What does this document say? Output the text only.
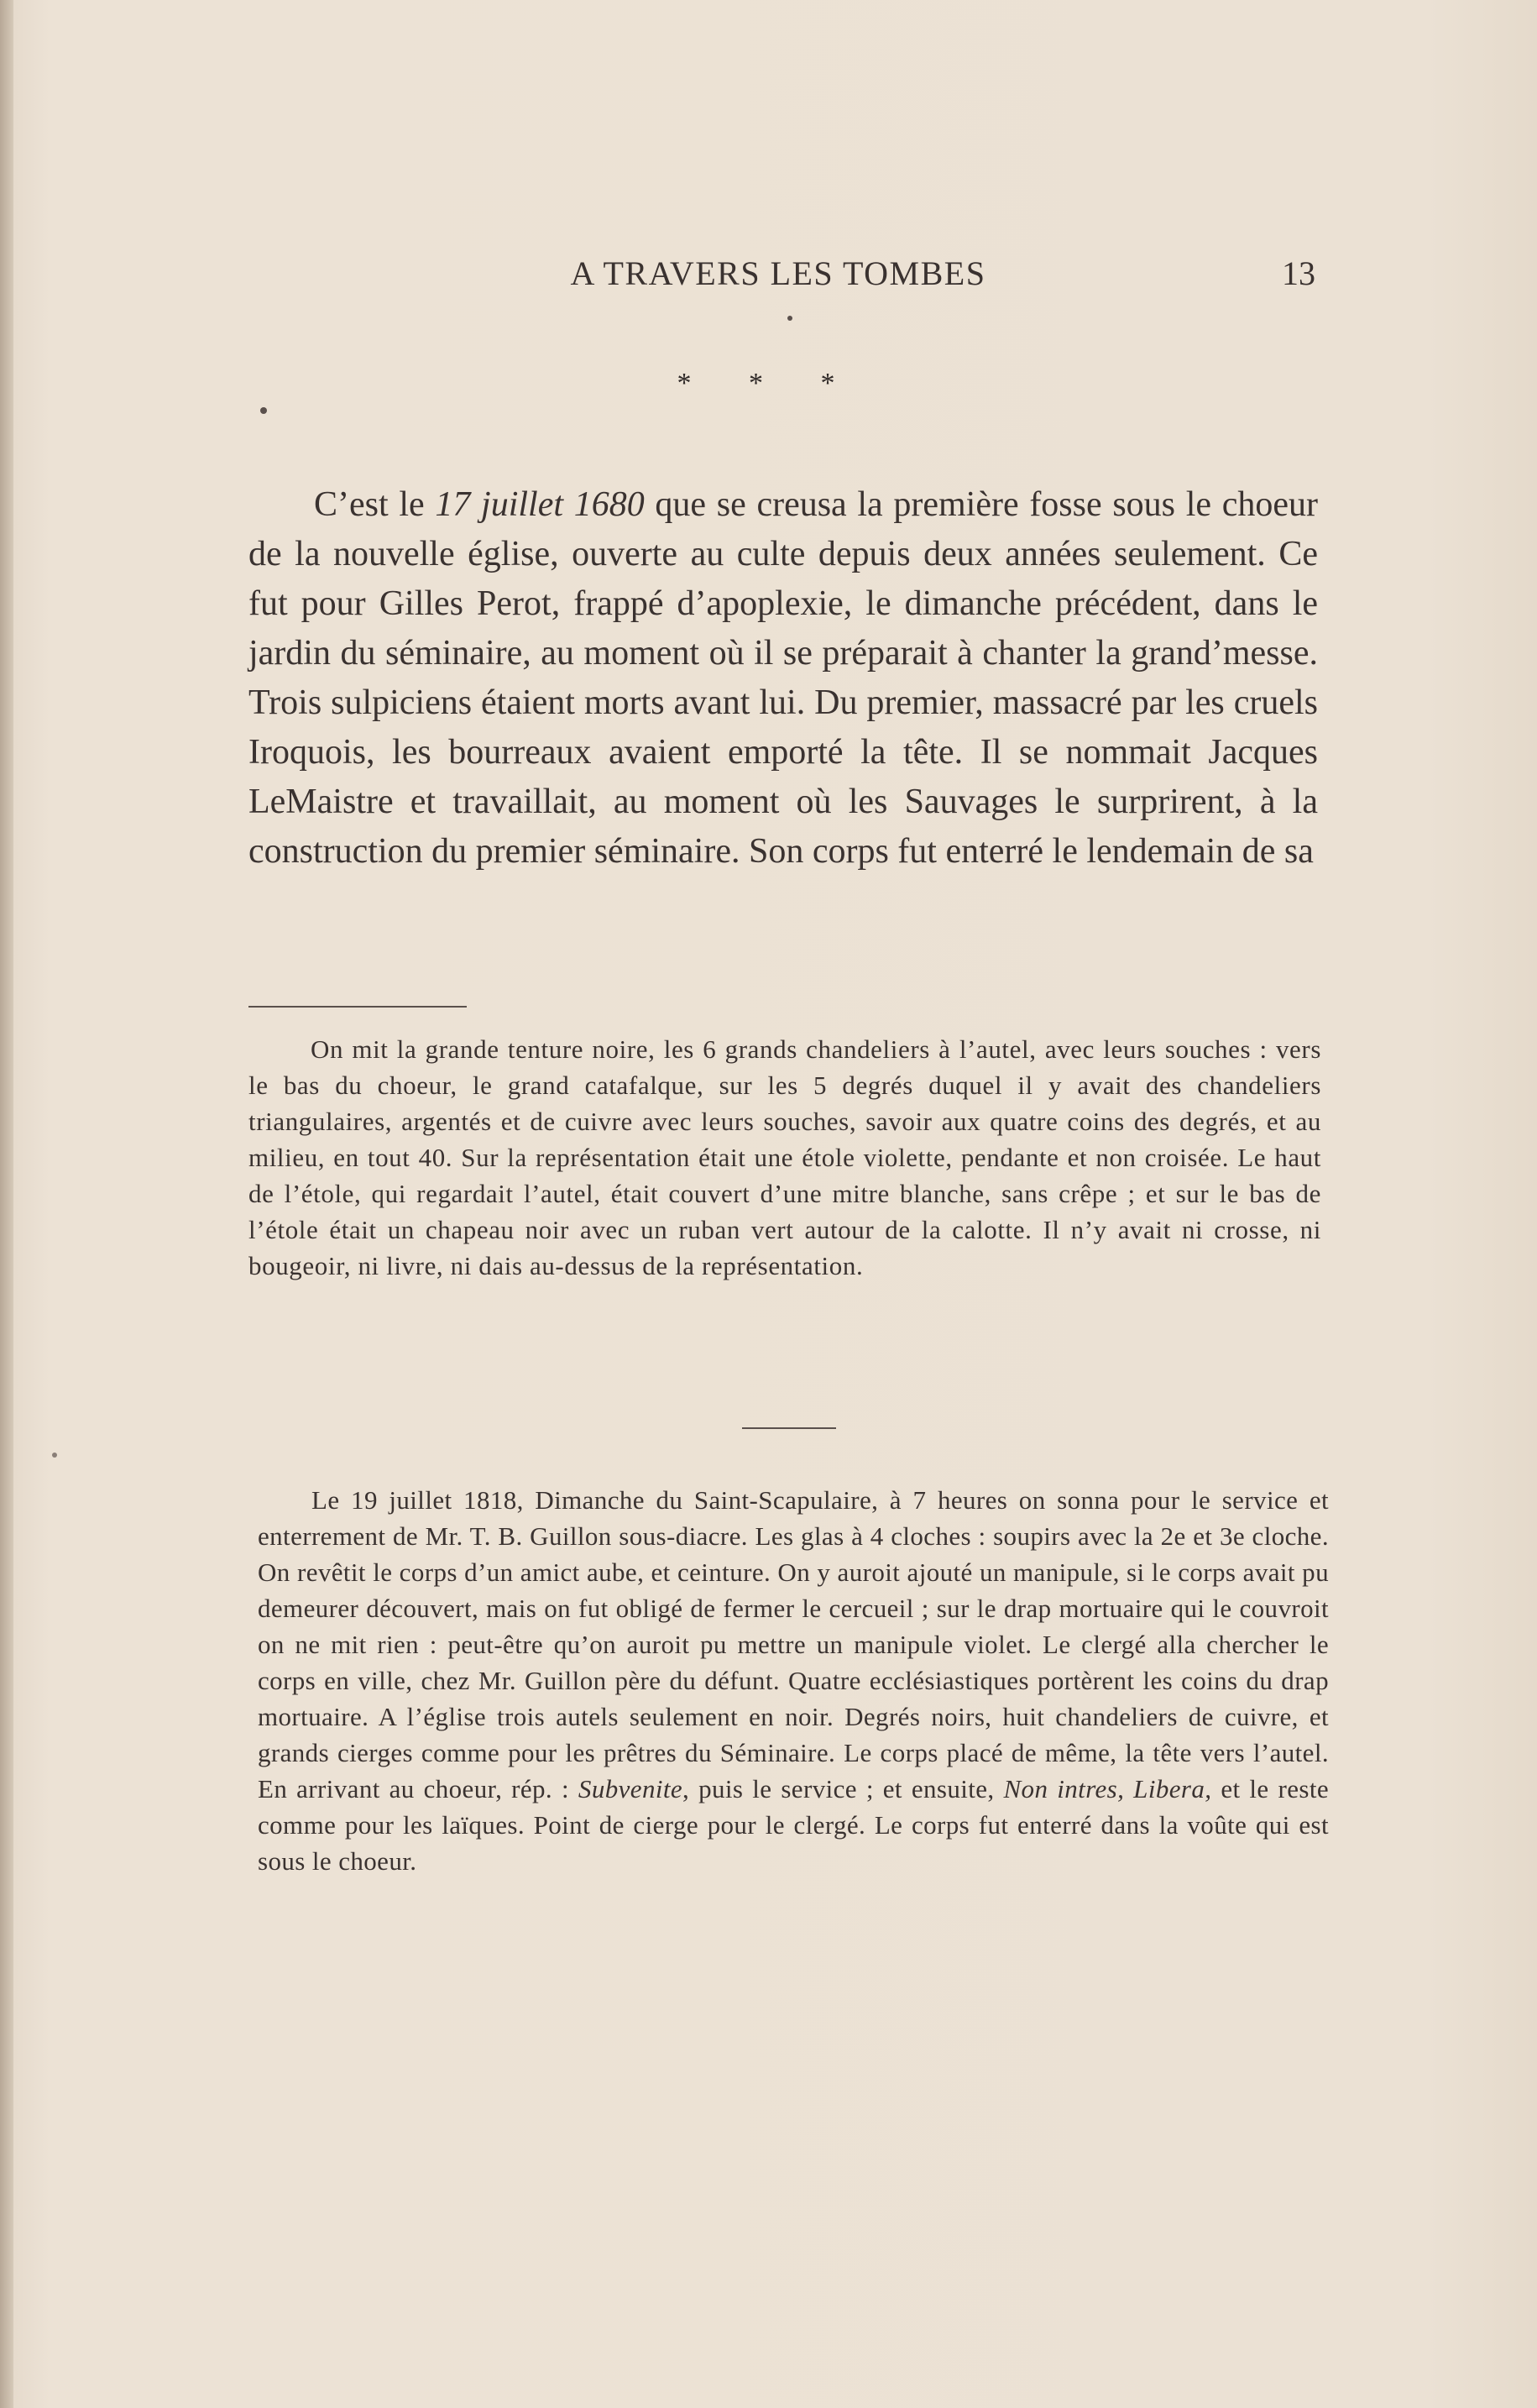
A TRAVERS LES TOMBES	13
* * *

C’est le 17 juillet 1680 que se creusa la première fosse sous le choeur de la nouvelle église, ouverte au culte depuis deux années seulement. Ce fut pour Gilles Perot, frappé d’apoplexie, le dimanche précédent, dans le jardin du séminaire, au moment où il se préparait à chanter la grand’messe. Trois sulpiciens étaient morts avant lui. Du premier, massacré par les cruels Iroquois, les bourreaux avaient emporté la tête. Il se nommait Jacques LeMaistre et travaillait, au moment où les Sauvages le surprirent, à la construction du premier séminaire. Son corps fut enterré le lendemain de sa

On mit la grande tenture noire, les 6 grands chandeliers à l’autel, avec leurs souches : vers le bas du choeur, le grand catafalque, sur les 5 degrés duquel il y avait des chandeliers triangulaires, argentés et de cuivre avec leurs souches, savoir aux quatre coins des degrés, et au milieu, en tout 40. Sur la représentation était une étole violette, pendante et non croisée. Le haut de l’étole, qui regardait l’autel, était couvert d’une mitre blanche, sans crêpe ; et sur le bas de l’étole était un chapeau noir avec un ruban vert autour de la calotte. Il n’y avait ni crosse, ni bougeoir, ni livre, ni dais au-dessus de la représentation.

Le 19 juillet 1818, Dimanche du Saint-Scapulaire, à 7 heures on sonna pour le service et enterrement de Mr. T. B. Guillon sous-diacre. Les glas à 4 cloches : soupirs avec la 2e et 3e cloche. On revêtit le corps d’un amict aube, et ceinture. On y auroit ajouté un manipule, si le corps avait pu demeurer découvert, mais on fut obligé de fermer le cercueil ; sur le drap mortuaire qui le couvroit on ne mit rien : peut-être qu’on auroit pu mettre un manipule violet. Le clergé alla chercher le corps en ville, chez Mr. Guillon père du défunt. Quatre ecclésiastiques portèrent les coins du drap mortuaire. A l’église trois autels seulement en noir. Degrés noirs, huit chandeliers de cuivre, et grands cierges comme pour les prêtres du Séminaire. Le corps placé de même, la tête vers l’autel. En arrivant au choeur, rép. : Subvenite, puis le service ; et ensuite, Non intres, Libera, et le reste comme pour les laïques. Point de cierge pour le clergé. Le corps fut enterré dans la voûte qui est sous le choeur.
